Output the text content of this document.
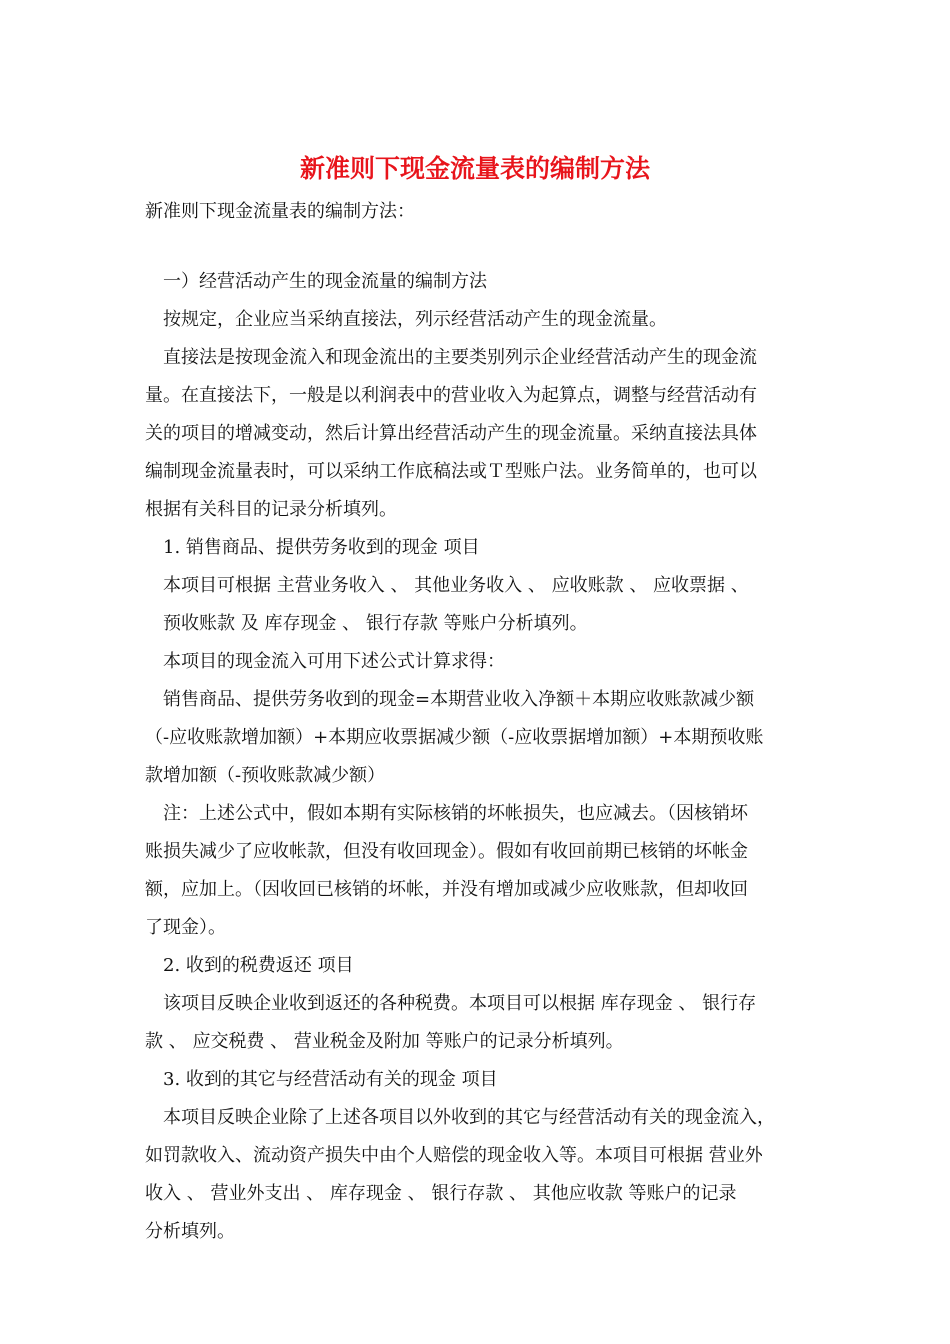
新准则下现金流量表的编制方法

新准则下现金流量表的编制方法：

一）经营活动产生的现金流量的编制方法
按规定，企业应当采纳直接法，列示经营活动产生的现金流量。
直接法是按现金流入和现金流出的主要类别列示企业经营活动产生的现金流
量。在直接法下，一般是以利润表中的营业收入为起算点，调整与经营活动有
关的项目的增减变动，然后计算出经营活动产生的现金流量。采纳直接法具体
编制现金流量表时，可以采纳工作底稿法或Ｔ型账户法。业务简单的，也可以
根据有关科目的记录分析填列。
1. 销售商品、提供劳务收到的现金 项目
本项目可根据 主营业务收入 、 其他业务收入 、 应收账款 、 应收票据 、
预收账款 及 库存现金 、 银行存款 等账户分析填列。
本项目的现金流入可用下述公式计算求得：
销售商品、提供劳务收到的现金=本期营业收入净额＋本期应收账款减少额
（-应收账款增加额）+本期应收票据减少额（-应收票据增加额）+本期预收账
款增加额（-预收账款减少额）
注：上述公式中，假如本期有实际核销的坏帐损失，也应减去。（因核销坏
账损失减少了应收帐款，但没有收回现金）。假如有收回前期已核销的坏帐金
额，应加上。（因收回已核销的坏帐，并没有增加或减少应收账款，但却收回
了现金）。
2. 收到的税费返还 项目
该项目反映企业收到返还的各种税费。本项目可以根据 库存现金 、 银行存
款 、 应交税费 、 营业税金及附加 等账户的记录分析填列。
3. 收到的其它与经营活动有关的现金 项目
本项目反映企业除了上述各项目以外收到的其它与经营活动有关的现金流入，
如罚款收入、流动资产损失中由个人赔偿的现金收入等。本项目可根据 营业外
收入 、 营业外支出 、 库存现金 、 银行存款 、 其他应收款 等账户的记录
分析填列。
